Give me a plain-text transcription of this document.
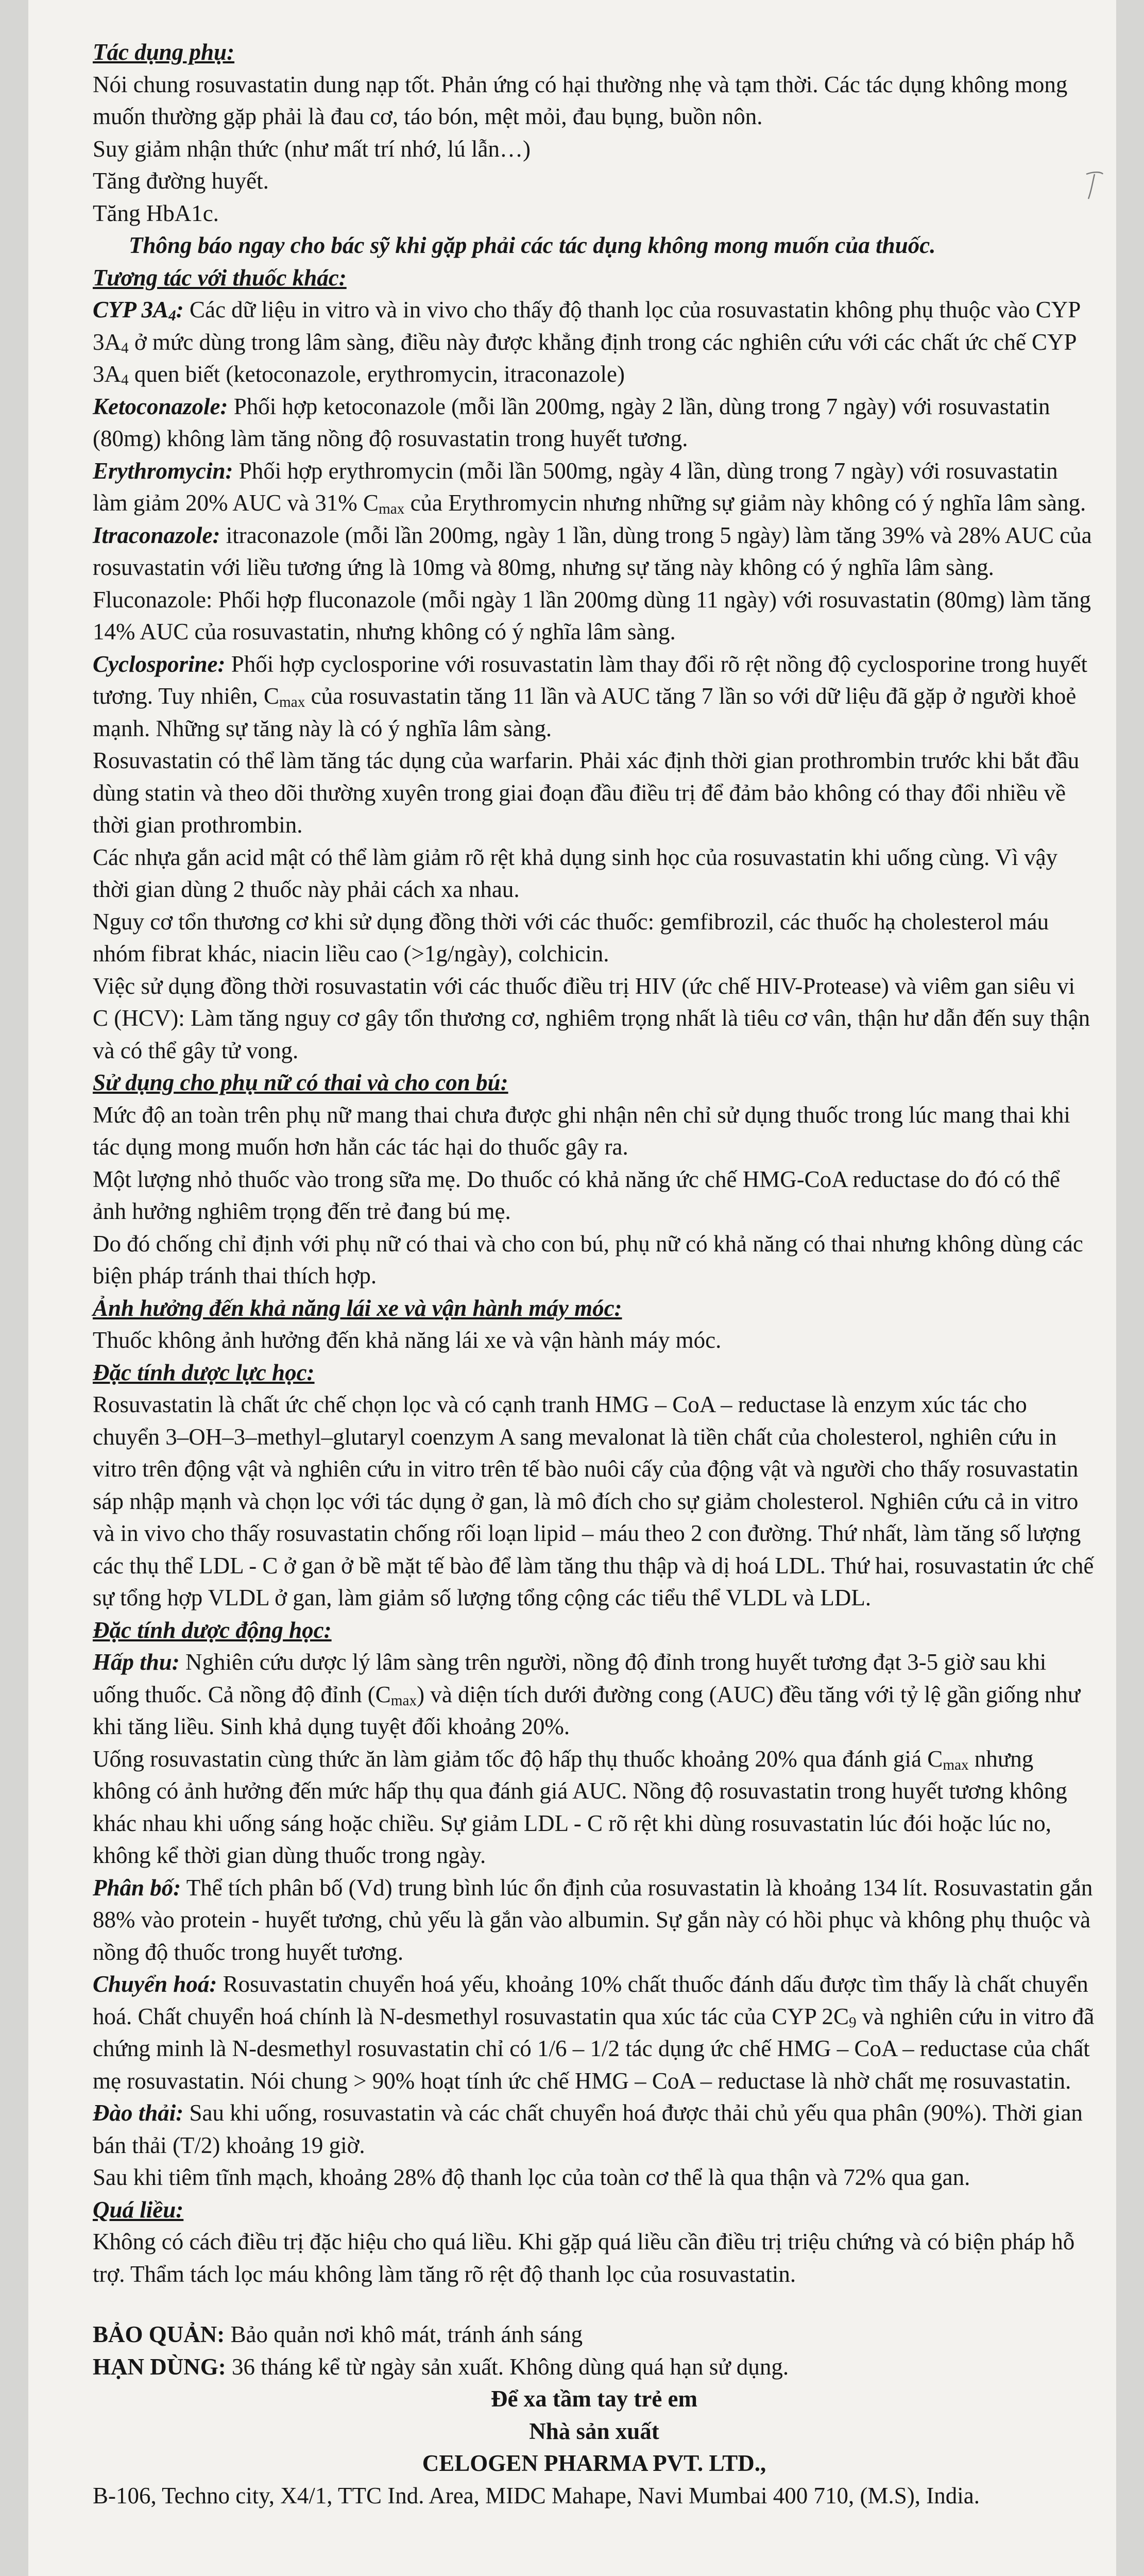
Tác dụng phụ:

Nói chung rosuvastatin dung nạp tốt. Phản ứng có hại thường nhẹ và tạm thời. Các tác dụng không mong muốn thường gặp phải là đau cơ, táo bón, mệt mỏi, đau bụng, buồn nôn.

Suy giảm nhận thức (như mất trí nhớ, lú lẫn…)

Tăng đường huyết.

Tăng HbA1c.

Thông báo ngay cho bác sỹ khi gặp phải các tác dụng không mong muốn của thuốc.

Tương tác với thuốc khác:

CYP $3A_4$: Các dữ liệu in vitro và in vivo cho thấy độ thanh lọc của rosuvastatin không phụ thuộc vào CYP $3A_4$ ở mức dùng trong lâm sàng, điều này được khẳng định trong các nghiên cứu với các chất ức chế CYP $3A_4$ quen biết (ketoconazole, erythromycin, itraconazole)

Ketoconazole: Phối hợp ketoconazole (mỗi lần 200mg, ngày 2 lần, dùng trong 7 ngày) với rosuvastatin (80mg) không làm tăng nồng độ rosuvastatin trong huyết tương.

Erythromycin: Phối hợp erythromycin (mỗi lần 500mg, ngày 4 lần, dùng trong 7 ngày) với rosuvastatin làm giảm 20% AUC và 31% $C_{max}$ của Erythromycin nhưng những sự giảm này không có ý nghĩa lâm sàng.

Itraconazole: itraconazole (mỗi lần 200mg, ngày 1 lần, dùng trong 5 ngày) làm tăng 39% và 28% AUC của rosuvastatin với liều tương ứng là 10mg và 80mg, nhưng sự tăng này không có ý nghĩa lâm sàng.

Fluconazole: Phối hợp fluconazole (mỗi ngày 1 lần 200mg dùng 11 ngày) với rosuvastatin (80mg) làm tăng 14% AUC của rosuvastatin, nhưng không có ý nghĩa lâm sàng.

Cyclosporine: Phối hợp cyclosporine với rosuvastatin làm thay đổi rõ rệt nồng độ cyclosporine trong huyết tương. Tuy nhiên, $C_{max}$ của rosuvastatin tăng 11 lần và AUC tăng 7 lần so với dữ liệu đã gặp ở người khoẻ mạnh. Những sự tăng này là có ý nghĩa lâm sàng.

Rosuvastatin có thể làm tăng tác dụng của warfarin. Phải xác định thời gian prothrombin trước khi bắt đầu dùng statin và theo dõi thường xuyên trong giai đoạn đầu điều trị để đảm bảo không có thay đổi nhiều về thời gian prothrombin.

Các nhựa gắn acid mật có thể làm giảm rõ rệt khả dụng sinh học của rosuvastatin khi uống cùng. Vì vậy thời gian dùng 2 thuốc này phải cách xa nhau.

Nguy cơ tổn thương cơ khi sử dụng đồng thời với các thuốc: gemfibrozil, các thuốc hạ cholesterol máu nhóm fibrat khác, niacin liều cao (>1g/ngày), colchicin.

Việc sử dụng đồng thời rosuvastatin với các thuốc điều trị HIV (ức chế HIV-Protease) và viêm gan siêu vi C (HCV): Làm tăng nguy cơ gây tổn thương cơ, nghiêm trọng nhất là tiêu cơ vân, thận hư dẫn đến suy thận và có thể gây tử vong.

Sử dụng cho phụ nữ có thai và cho con bú:

Mức độ an toàn trên phụ nữ mang thai chưa được ghi nhận nên chỉ sử dụng thuốc trong lúc mang thai khi tác dụng mong muốn hơn hẳn các tác hại do thuốc gây ra.

Một lượng nhỏ thuốc vào trong sữa mẹ. Do thuốc có khả năng ức chế HMG-CoA reductase do đó có thể ảnh hưởng nghiêm trọng đến trẻ đang bú mẹ.

Do đó chống chỉ định với phụ nữ có thai và cho con bú, phụ nữ có khả năng có thai nhưng không dùng các biện pháp tránh thai thích hợp.

Ảnh hưởng đến khả năng lái xe và vận hành máy móc:

Thuốc không ảnh hưởng đến khả năng lái xe và vận hành máy móc.

Đặc tính dược lực học:

Rosuvastatin là chất ức chế chọn lọc và có cạnh tranh HMG – CoA – reductase là enzym xúc tác cho chuyển 3–OH–3–methyl–glutaryl coenzym A sang mevalonat là tiền chất của cholesterol, nghiên cứu in vitro trên động vật và nghiên cứu in vitro trên tế bào nuôi cấy của động vật và người cho thấy rosuvastatin sáp nhập mạnh và chọn lọc với tác dụng ở gan, là mô đích cho sự giảm cholesterol. Nghiên cứu cả in vitro và in vivo cho thấy rosuvastatin chống rối loạn lipid – máu theo 2 con đường. Thứ nhất, làm tăng số lượng các thụ thể LDL - C ở gan ở bề mặt tế bào để làm tăng thu thập và dị hoá LDL. Thứ hai, rosuvastatin ức chế sự tổng hợp VLDL ở gan, làm giảm số lượng tổng cộng các tiểu thể VLDL và LDL.

Đặc tính dược động học:

Hấp thu: Nghiên cứu dược lý lâm sàng trên người, nồng độ đỉnh trong huyết tương đạt 3-5 giờ sau khi uống thuốc. Cả nồng độ đỉnh $(C_{max})$ và diện tích dưới đường cong (AUC) đều tăng với tỷ lệ gần giống như khi tăng liều. Sinh khả dụng tuyệt đối khoảng 20%.

Uống rosuvastatin cùng thức ăn làm giảm tốc độ hấp thụ thuốc khoảng 20% qua đánh giá $C_{max}$ nhưng không có ảnh hưởng đến mức hấp thụ qua đánh giá AUC. Nồng độ rosuvastatin trong huyết tương không khác nhau khi uống sáng hoặc chiều. Sự giảm LDL - C rõ rệt khi dùng rosuvastatin lúc đói hoặc lúc no, không kể thời gian dùng thuốc trong ngày.

Phân bố: Thể tích phân bố (Vd) trung bình lúc ổn định của rosuvastatin là khoảng 134 lít. Rosuvastatin gắn 88% vào protein - huyết tương, chủ yếu là gắn vào albumin. Sự gắn này có hồi phục và không phụ thuộc và nồng độ thuốc trong huyết tương.

Chuyển hoá: Rosuvastatin chuyển hoá yếu, khoảng 10% chất thuốc đánh dấu được tìm thấy là chất chuyển hoá. Chất chuyển hoá chính là N-desmethyl rosuvastatin qua xúc tác của CYP $2C_9$ và nghiên cứu in vitro đã chứng minh là N-desmethyl rosuvastatin chỉ có 1/6 – 1/2 tác dụng ức chế HMG – CoA – reductase của chất mẹ rosuvastatin. Nói chung > 90% hoạt tính ức chế HMG – CoA – reductase là nhờ chất mẹ rosuvastatin.

Đào thải: Sau khi uống, rosuvastatin và các chất chuyển hoá được thải chủ yếu qua phân (90%). Thời gian bán thải (T/2) khoảng 19 giờ.

Sau khi tiêm tĩnh mạch, khoảng 28% độ thanh lọc của toàn cơ thể là qua thận và 72% qua gan.

Quá liều:

Không có cách điều trị đặc hiệu cho quá liều. Khi gặp quá liều cần điều trị triệu chứng và có biện pháp hỗ trợ. Thẩm tách lọc máu không làm tăng rõ rệt độ thanh lọc của rosuvastatin.

BẢO QUẢN: Bảo quản nơi khô mát, tránh ánh sáng

HẠN DÙNG: 36 tháng kể từ ngày sản xuất. Không dùng quá hạn sử dụng.

Để xa tầm tay trẻ em

Nhà sản xuất

CELOGEN PHARMA PVT. LTD.,

B-106, Techno city, X4/1, TTC Ind. Area, MIDC Mahape, Navi Mumbai 400 710, (M.S), India.
